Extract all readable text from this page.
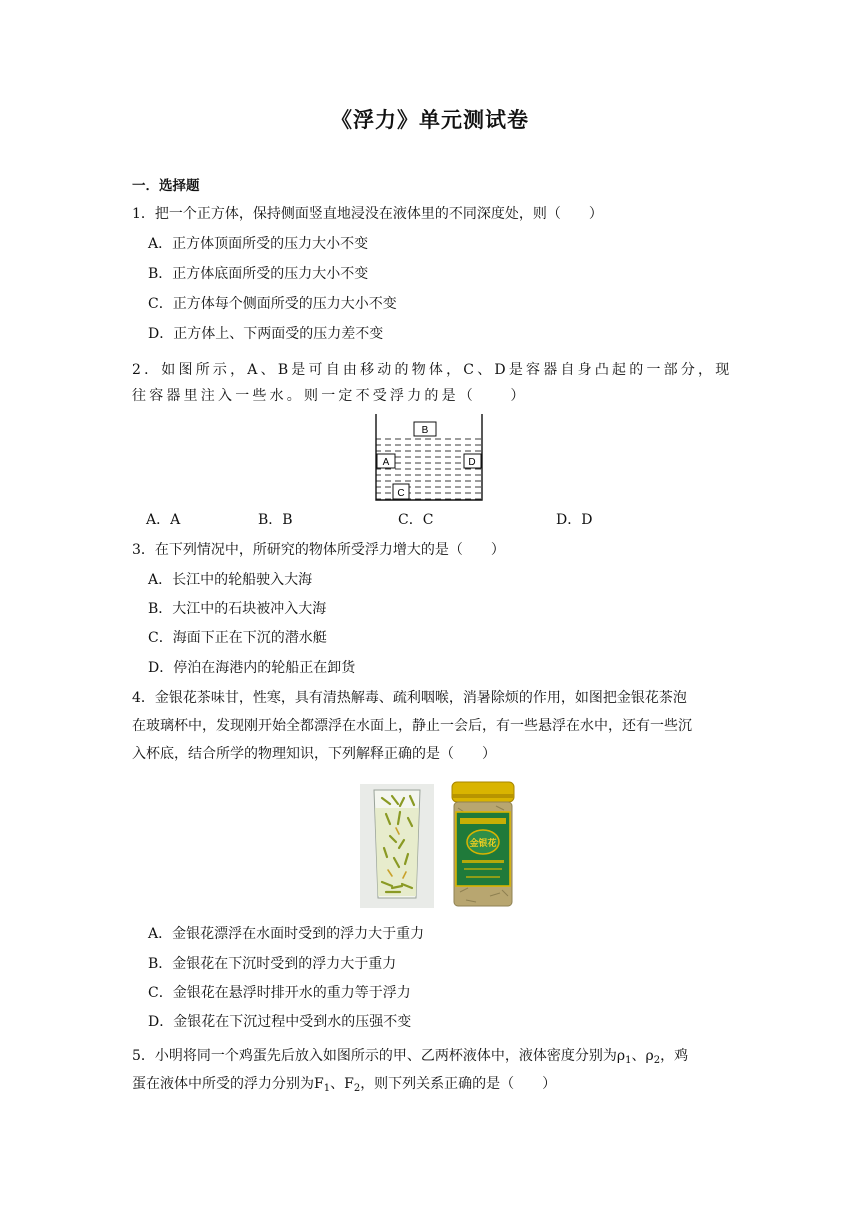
《浮力》单元测试卷
一．选择题
1．把一个正方体，保持侧面竖直地浸没在液体里的不同深度处，则（　　）
A．正方体顶面所受的压力大小不变
B．正方体底面所受的压力大小不变
C．正方体每个侧面所受的压力大小不变
D．正方体上、下两面受的压力差不变
2．如图所示，A、B是可自由移动的物体，C、D是容器自身凸起的一部分，现
往容器里注入一些水。则一定不受浮力的是（　　）
B
A	D
C
A．A	B．B	C．C	D．D
3．在下列情况中，所研究的物体所受浮力增大的是（　　）
A．长江中的轮船驶入大海
B．大江中的石块被冲入大海
C．海面下正在下沉的潜水艇
D．停泊在海港内的轮船正在卸货
4．金银花茶味甘，性寒，具有清热解毒、疏利咽喉，消暑除烦的作用，如图把金银花茶泡
在玻璃杯中，发现刚开始全都漂浮在水面上，静止一会后，有一些悬浮在水中，还有一些沉
入杯底，结合所学的物理知识，下列解释正确的是（　　）
金银花
A．金银花漂浮在水面时受到的浮力大于重力
B．金银花在下沉时受到的浮力大于重力
C．金银花在悬浮时排开水的重力等于浮力
D．金银花在下沉过程中受到水的压强不变
5．小明将同一个鸡蛋先后放入如图所示的甲、乙两杯液体中，液体密度分别为$\rho_1$、$\rho_2$，鸡
蛋在液体中所受的浮力分别为$F_1$、$F_2$，则下列关系正确的是（　　）
